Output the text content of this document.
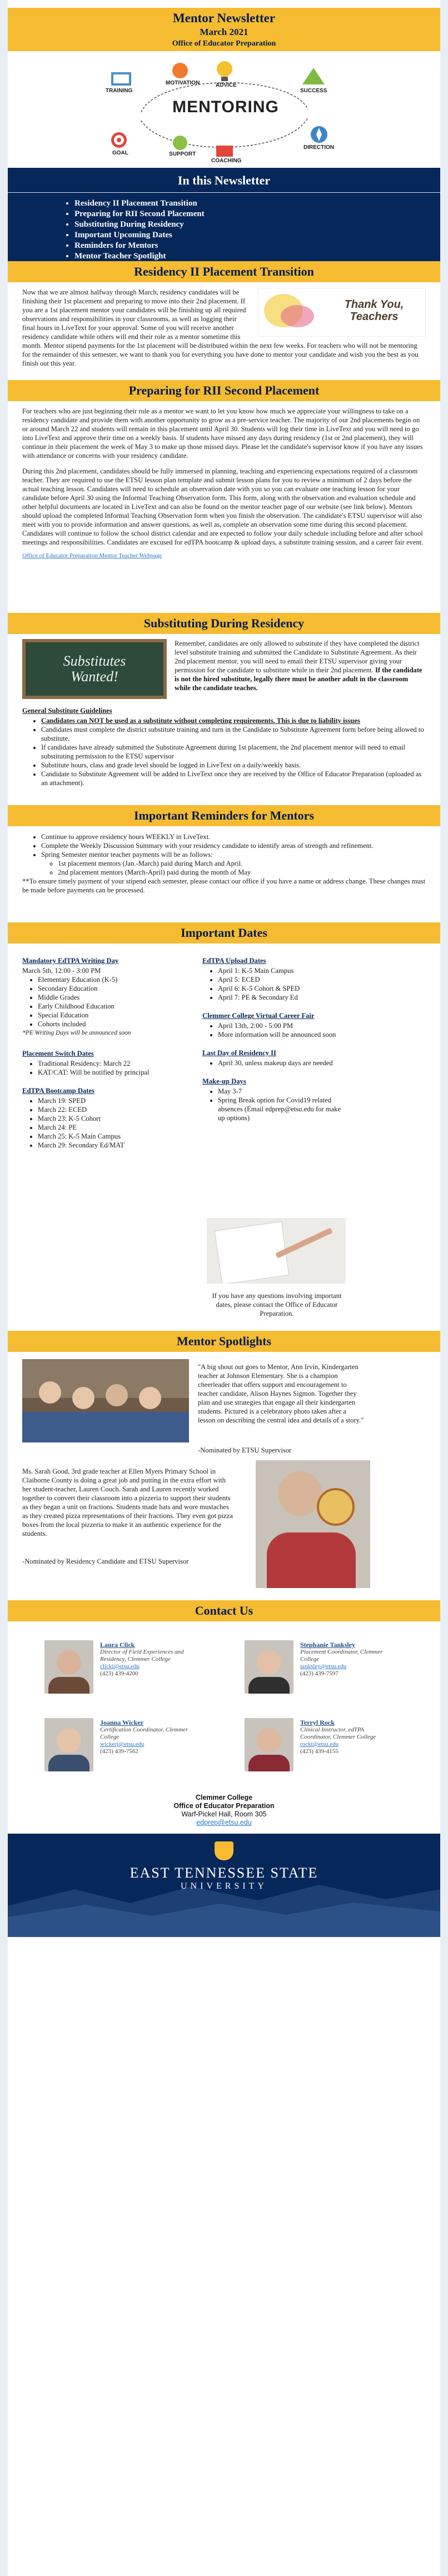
Mentor Newsletter
March 2021
Office of Educator Preparation
MENTORING
TRAINING
MOTIVATION	ADVICE
SUCCESS
DIRECTION
COACHING
SUPPORT
GOAL
In this Newsletter
• Residency II Placement Transition
• Preparing for RII Second Placement
• Substituting During Residency
• Important Upcoming Dates
• Reminders for Mentors
• Mentor Teacher Spotlight
Residency II Placement Transition
Thank You, Teachers

Now that we are almost halfway through March, residency candidates will be finishing their 1st placement and preparing to move into their 2nd placement. If you are a 1st placement mentor your candidates will be finishing up all required observations and responsibilities in your classrooms, as well as logging their final hours in LiveText for your approval. Some of you will receive another residency candidate while others will end their role as a mentor sometime this month. Mentor stipend payments for the 1st placement will be distributed within the next few weeks. For teachers who will not be mentoring for the remainder of this semester, we want to thank you for everything you have done to mentor your candidate and wish you the best as you finish out this year.

Preparing for RII Second Placement

For teachers who are just beginning their role as a mentor we want to let you know how much we appreciate your willingness to take on a residency candidate and provide them with another opportunity to grow as a pre-service teacher. The majority of our 2nd placements begin on or around March 22 and students will remain in this placement until April 30. Students will log their time in LiveText and you will need to go into LiveText and approve their time on a weekly basis. If students have missed any days during residency (1st or 2nd placement), they will continue in their placement the week of May 3 to make up those missed days. Please let the candidate's supervisor know if you have any issues with attendance or concerns with your residency candidate.

During this 2nd placement, candidates should be fully immersed in planning, teaching and experiencing expectations required of a classroom teacher. They are required to use the ETSU lesson plan template and submit lesson plans for you to review a minimum of 2 days before the actual teaching lesson. Candidates will need to schedule an observation date with you so you can evaluate one teaching lesson for your candidate before April 30 using the Informal Teaching Observation form. This form, along with the observation and evaluation schedule and other helpful documents are located in LiveText and can also be found on the mentor teacher page of our website (see link below). Mentors should upload the completed Informal Teaching Observation form when you finish the observation. The candidate's ETSU supervisor will also meet with you to provide information and answer questions, as well as, complete an observation some time during this second placement. Candidates will continue to follow the school district calendar and are expected to follow your daily schedule including before and after school meetings and responsibilities. Candidates are excused for edTPA bootcamp & upload days, a substitute training session, and a career fair event.

Office of Educator Preparation Mentor Teacher Webpage
Substituting During Residency
Substitutes Wanted!

Remember, candidates are only allowed to substitute if they have completed the district level substitute training and submitted the Candidate to Substitute Agreement. As their 2nd placement mentor, you will need to email their ETSU supervisor giving your permission for the candidate to substitute while in their 2nd placement. If the candidate is not the hired substitute, legally there must be another adult in the classroom while the candidate teaches.

General Substitute Guidelines
• Candidates can NOT be used as a substitute without completing requirements. This is due to liability issues
• Candidates must complete the district substitute training and turn in the Candidate to Substitute Agreement form before being allowed to substitute.
• If candidates have already submitted the Substitute Agreement during 1st placement, the 2nd placement mentor will need to email substituting permission to the ETSU supervisor
• Substitute hours, class and grade level should be logged in LiveText on a daily/weekly basis.
• Candidate to Substitute Agreement will be added to LiveText once they are received by the Office of Educator Preparation (uploaded as an attachment).
Important Reminders for Mentors
• Continue to approve residency hours WEEKLY in LiveText.
• Complete the Weekly Discussion Summary with your residency candidate to identify areas of strength and refinement.
• Spring Semester mentor teacher payments will be as follows:
◦ 1st placement mentors (Jan.-March) paid during March and April.
◦ 2nd placement mentors (March-April) paid during the month of May

**To ensure timely payment of your stipend each semester, please contact our office if you have a name or address change. These changes must be made before payments can be processed.

Important Dates
Mandatory EdTPA Writing Day
March 5th, 12:00 - 3:00 PM
• Elementary Education (K-5)
• Secondary Education
• Middle Grades
• Early Childhood Education
• Special Education
• Cohorts included
*PE Writing Days will be announced soon
Placement Switch Dates
• Traditional Residency: March 22
• KAT/CAT: Will be notified by principal
EdTPA Bootcamp Dates
• March 19: SPED
• March 22: ECED
• March 23: K-5 Cohort
• March 24: PE
• March 25: K-5 Main Campus
• March 29: Secondary Ed/MAT
EdTPA Upload Dates
• April 1: K-5 Main Campus
• April 5: ECED
• April 6: K-5 Cohort & SPED
• April 7: PE & Secondary Ed
Clemmer College Virtual Career Fair
• April 13th, 2:00 - 5:00 PM
• More information will be announced soon
Last Day of Residency II
• April 30, unless makeup days are needed
Make-up Days
• May 3-7
• Spring Break option for Covid19 related absences (Email edprep@etsu.edu for make up options)
If you have any questions involving important dates, please contact the Office of Educator Preparation.
Mentor Spotlights
"A big shout out goes to Mentor, Ann Irvin, Kindergarten teacher at Johnson Elementary. She is a champion cheerleader that offers support and encouragement to teacher candidate, Alison Haynes Sigmon. Together they plan and use strategies that engage all their kindergarten students. Pictured is a celebratory photo taken after a lesson on describing the central idea and details of a story."
-Nominated by ETSU Supervisor
Ms. Sarah Good, 3rd grade teacher at Ellen Myers Primary School in Claiborne County is doing a great job and putting in the extra effort with her student-teacher, Lauren Couch. Sarah and Lauren recently worked together to convert their classroom into a pizzeria to support their students as they began a unit on fractions. Students made hats and wore mustaches as they created pizza representations of their fractions. They even got pizza boxes from the local pizzeria to make it an authentic experience for the students.
-Nominated by Residency Candidate and ETSU Supervisor
Contact Us
Laura Click
Director of Field Experiences and Residency, Clemmer College
clickl@etsu.edu
(423) 439-4200
Stephanie Tanksley
Placement Coordinator, Clemmer College
tanksley@etsu.edu
(423) 439-7597
Joanna Wicker
Certification Coordinator, Clemmer College
wickerj@etsu.edu
(423) 439-7562
Terryl Rock
Clinical Instructor, edTPA Coordinator, Clemmer College
rockt@etsu.edu
(423) 439-4155
Clemmer College
Office of Educator Preparation
Warf-Pickel Hall, Room 305
edprep@etsu.edu
EAST TENNESSEE STATE
UNIVERSITY
